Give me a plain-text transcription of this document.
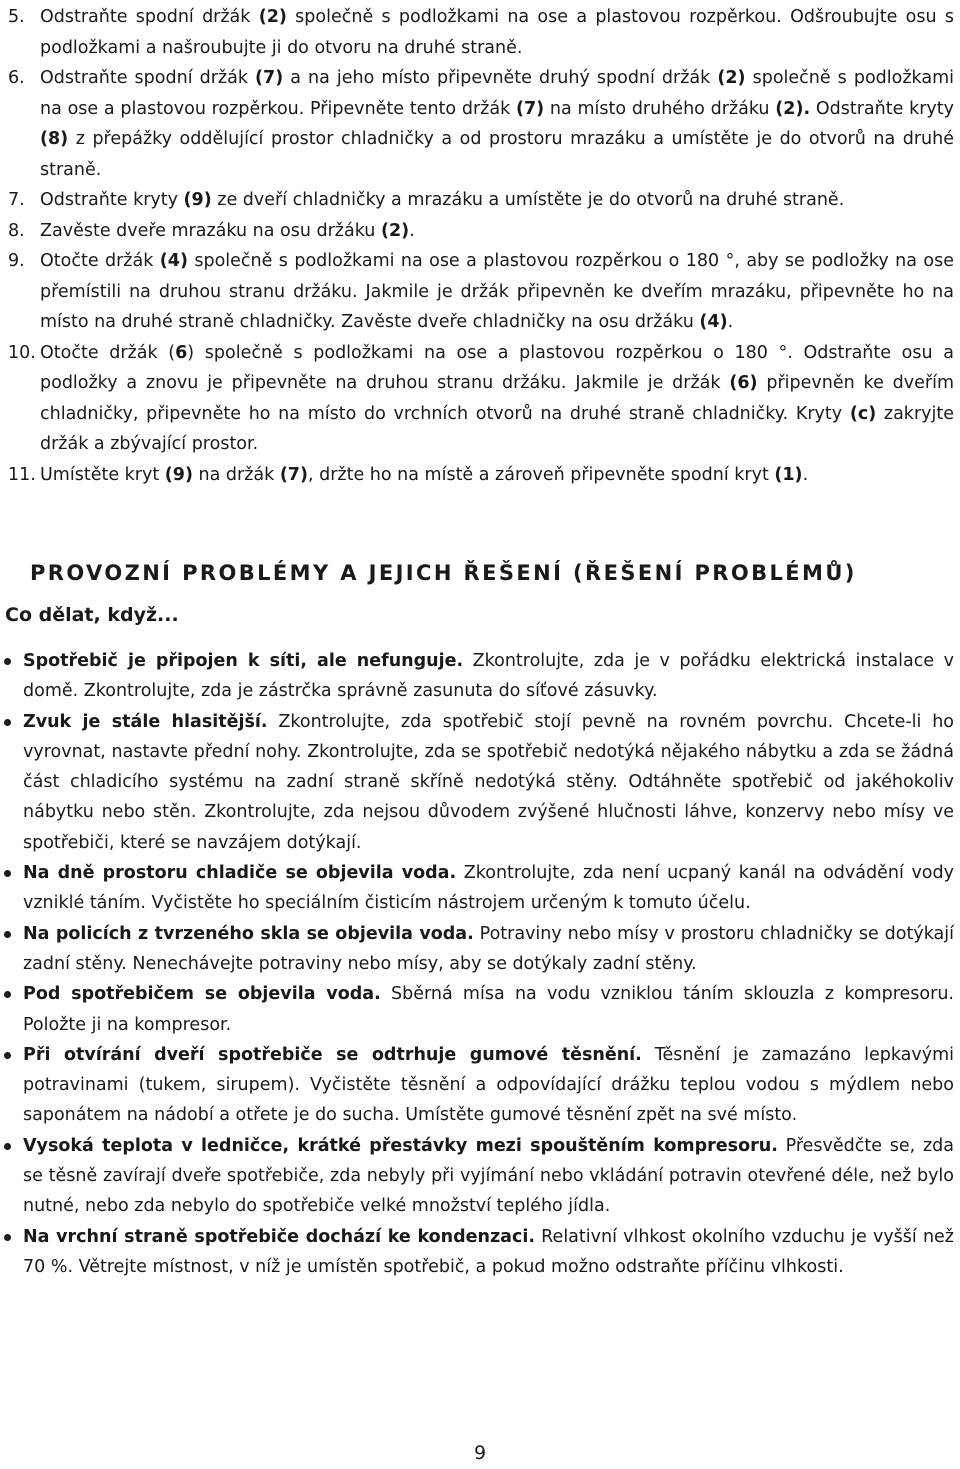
5. Odstraňte spodní držák (2) společně s podložkami na ose a plastovou rozpěrkou. Odšroubujte osu s podložkami a našroubujte ji do otvoru na druhé straně.
6. Odstraňte spodní držák (7) a na jeho místo připevněte druhý spodní držák (2) společně s podložkami na ose a plastovou rozpěrkou. Připevněte tento držák (7) na místo druhého držáku (2). Odstraňte kryty (8) z přepážky oddělující prostor chladničky a od prostoru mrazáku a umístěte je do otvorů na druhé straně.
7. Odstraňte kryty (9) ze dveří chladničky a mrazáku a umístěte je do otvorů na druhé straně.
8. Zavěste dveře mrazáku na osu držáku (2).
9. Otočte držák (4) společně s podložkami na ose a plastovou rozpěrkou o 180 °, aby se podložky na ose přemístili na druhou stranu držáku. Jakmile je držák připevněn ke dveřím mrazáku, připevněte ho na místo na druhé straně chladničky. Zavěste dveře chladničky na osu držáku (4).
10. Otočte držák (6) společně s podložkami na ose a plastovou rozpěrkou o 180 °. Odstraňte osu a podložky a znovu je připevněte na druhou stranu držáku. Jakmile je držák (6) připevněn ke dveřím chladničky, připevněte ho na místo do vrchních otvorů na druhé straně chladničky. Kryty (c) zakryjte držák a zbývající prostor.
11. Umístěte kryt (9) na držák (7), držte ho na místě a zároveň připevněte spodní kryt (1).
PROVOZNÍ PROBLÉMY A JEJICH ŘEŠENÍ (ŘEŠENÍ PROBLÉMŮ)
Co dělat, když...
Spotřebič je připojen k síti, ale nefunguje. Zkontrolujte, zda je v pořádku elektrická instalace v domě. Zkontrolujte, zda je zástrčka správně zasunuta do síťové zásuvky.
Zvuk je stále hlasitější. Zkontrolujte, zda spotřebič stojí pevně na rovném povrchu. Chcete-li ho vyrovnat, nastavte přední nohy. Zkontrolujte, zda se spotřebič nedotýká nějakého nábytku a zda se žádná část chladicího systému na zadní straně skříně nedotýká stěny. Odtáhněte spotřebič od jakéhokoliv nábytku nebo stěn. Zkontrolujte, zda nejsou důvodem zvýšené hlučnosti láhve, konzervy nebo mísy ve spotřebiči, které se navzájem dotýkají.
Na dně prostoru chladiče se objevila voda. Zkontrolujte, zda není ucpaný kanál na odvádění vody vzniklé táním. Vyčistěte ho speciálním čisticím nástrojem určeným k tomuto účelu.
Na policích z tvrzeného skla se objevila voda. Potraviny nebo mísy v prostoru chladničky se dotýkají zadní stěny. Nenechávejte potraviny nebo mísy, aby se dotýkaly zadní stěny.
Pod spotřebičem se objevila voda. Sběrná mísa na vodu vzniklou táním sklouzla z kompresoru. Položte ji na kompresor.
Při otvírání dveří spotřebiče se odtrhuje gumové těsnění. Těsnění je zamazáno lepkavými potravinami (tukem, sirupem). Vyčistěte těsnění a odpovídající drážku teplou vodou s mýdlem nebo saponátem na nádobí a otřete je do sucha. Umístěte gumové těsnění zpět na své místo.
Vysoká teplota v ledničce, krátké přestávky mezi spouštěním kompresoru. Přesvědčte se, zda se těsně zavírají dveře spotřebiče, zda nebyly při vyjímání nebo vkládání potravin otevřené déle, než bylo nutné, nebo zda nebylo do spotřebiče velké množství teplého jídla.
Na vrchní straně spotřebiče dochází ke kondenzaci. Relativní vlhkost okolního vzduchu je vyšší než 70 %. Větrejte místnost, v níž je umístěn spotřebič, a pokud možno odstraňte příčinu vlhkosti.
9
